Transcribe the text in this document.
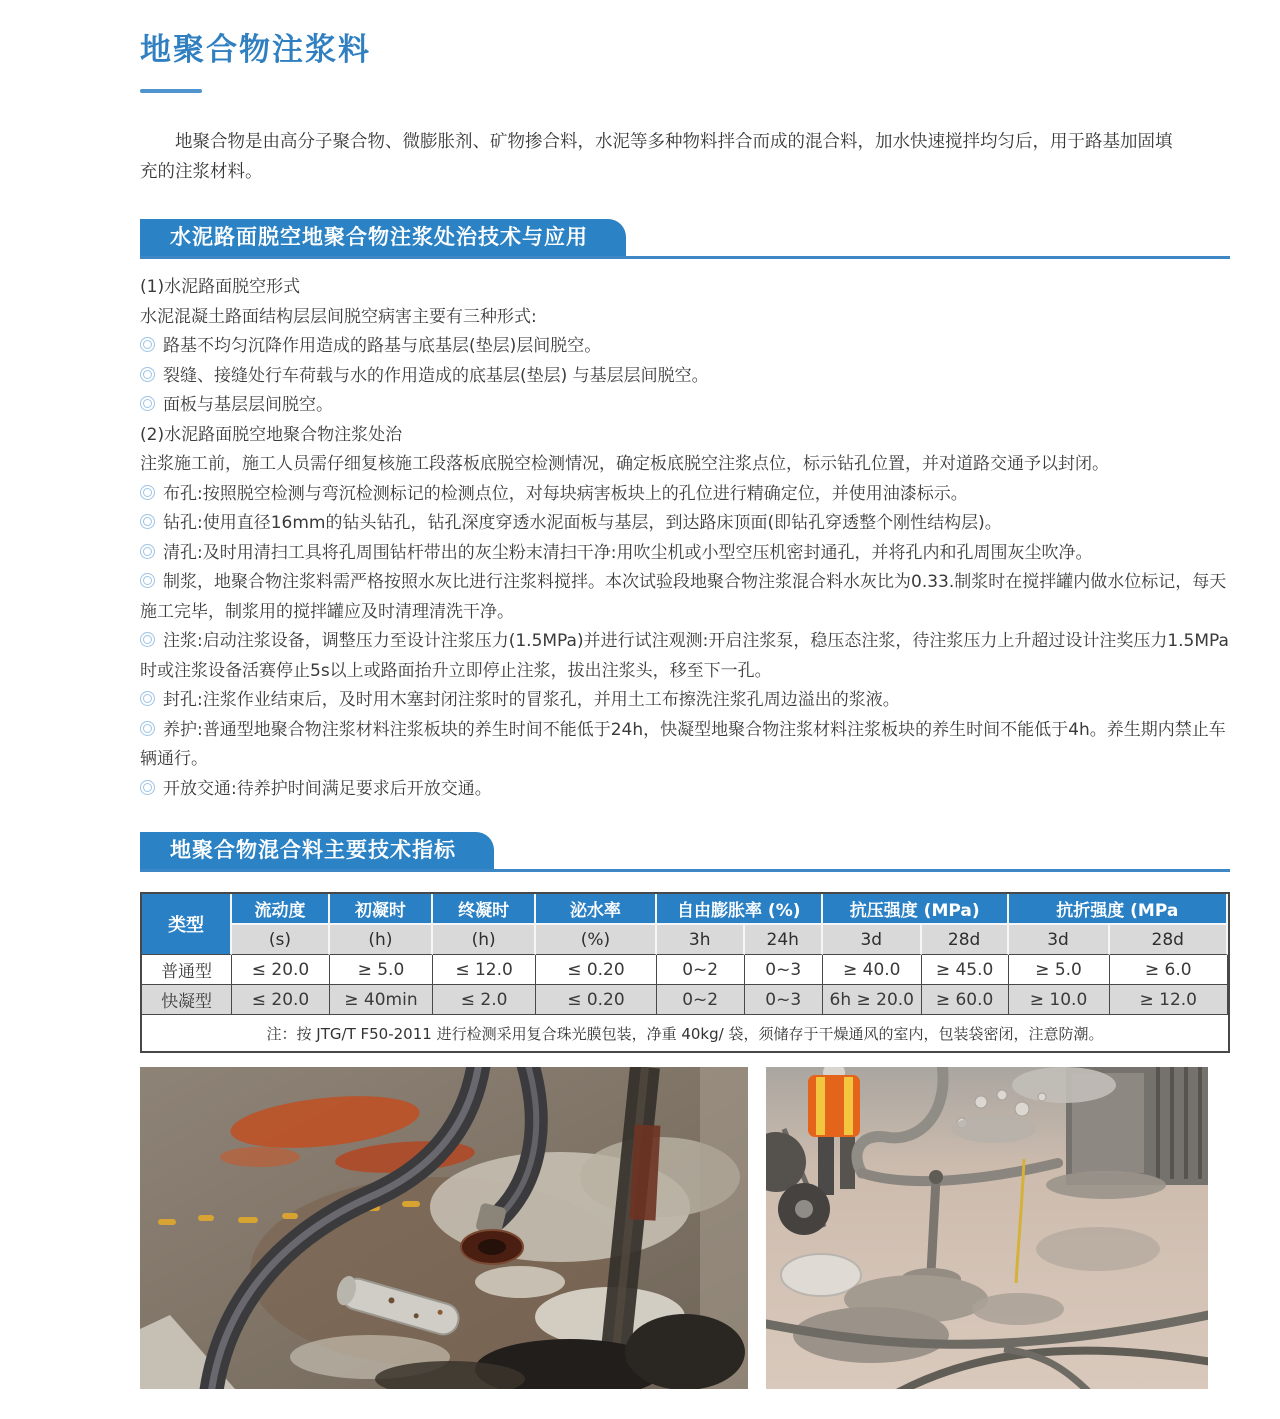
地聚合物注浆料
地聚合物是由高分子聚合物、微膨胀剂、矿物掺合料，水泥等多种物料拌合而成的混合料，加水快速搅拌均匀后，用于路基加固填充的注浆材料。
水泥路面脱空地聚合物注浆处治技术与应用
(1)水泥路面脱空形式
水泥混凝土路面结构层层间脱空病害主要有三种形式:
路基不均匀沉降作用造成的路基与底基层(垫层)层间脱空。
裂缝、接缝处行车荷载与水的作用造成的底基层(垫层) 与基层层间脱空。
面板与基层层间脱空。
(2)水泥路面脱空地聚合物注浆处治
注浆施工前，施工人员需仔细复核施工段落板底脱空检测情况，确定板底脱空注浆点位，标示钻孔位置，并对道路交通予以封闭。
布孔:按照脱空检测与弯沉检测标记的检测点位，对每块病害板块上的孔位进行精确定位，并使用油漆标示。
钻孔:使用直径16mm的钻头钻孔，钻孔深度穿透水泥面板与基层，到达路床顶面(即钻孔穿透整个刚性结构层)。
清孔:及时用清扫工具将孔周围钻杆带出的灰尘粉末清扫干净:用吹尘机或小型空压机密封通孔，并将孔内和孔周围灰尘吹净。
制浆，地聚合物注浆料需严格按照水灰比进行注浆料搅拌。本次试验段地聚合物注浆混合料水灰比为0.33.制浆时在搅拌罐内做水位标记，每天施工完毕，制浆用的搅拌罐应及时清理清洗干净。
注浆:启动注浆设备，调整压力至设计注浆压力(1.5MPa)并进行试注观测:开启注浆泵，稳压态注浆，待注浆压力上升超过设计注奖压力1.5MPa时或注浆设备活赛停止5s以上或路面抬升立即停止注浆，拔出注浆头，移至下一孔。
封孔:注浆作业结束后，及时用木塞封闭注浆时的冒浆孔，并用土工布擦洗注浆孔周边溢出的浆液。
养护:普通型地聚合物注浆材料注浆板块的养生时间不能低于24h，快凝型地聚合物注浆材料注浆板块的养生时间不能低于4h。养生期内禁止车辆通行。
开放交通:待养护时间满足要求后开放交通。
地聚合物混合料主要技术指标
类型	流动度	初凝时	终凝时	泌水率	自由膨胀率 (%)		抗压强度 (MPa)		抗折强度 (MPa	
	(s)	(h)	(h)	(%)	3h	24h	3d	28d	3d	28d
普通型	≤ 20.0	≥ 5.0	≤ 12.0	≤ 0.20	0~2	0~3	≥ 40.0	≥ 45.0	≥ 5.0	≥ 6.0
快凝型	≤ 20.0	≥ 40min	≤ 2.0	≤ 0.20	0~2	0~3	6h ≥ 20.0	≥ 60.0	≥ 10.0	≥ 12.0
注：按 JTG/T F50-2011 进行检测采用复合珠光膜包装，净重 40kg/ 袋，须储存于干燥通风的室内，包装袋密闭，注意防潮。										
